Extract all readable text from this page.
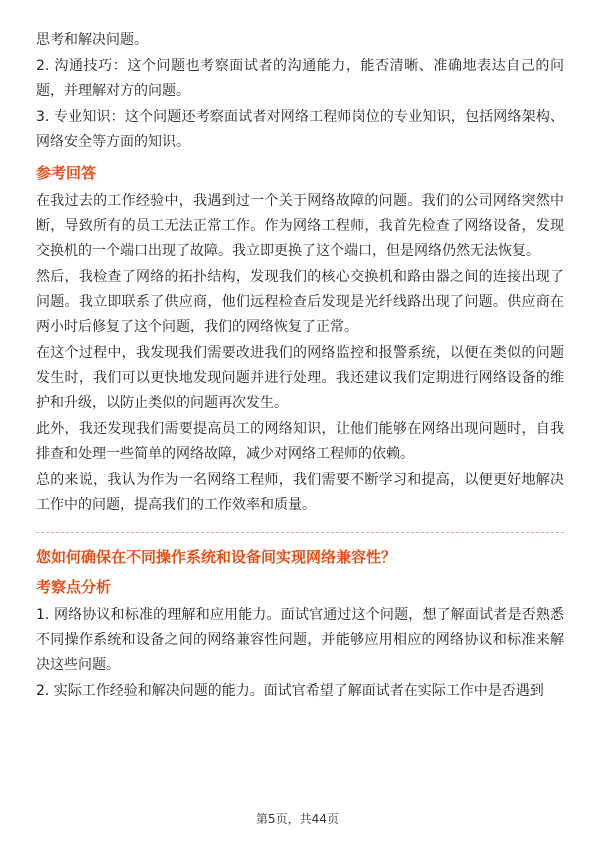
思考和解决问题。

2. 沟通技巧：这个问题也考察面试者的沟通能力，能否清晰、准确地表达自己的问题，并理解对方的问题。

3. 专业知识：这个问题还考察面试者对网络工程师岗位的专业知识，包括网络架构、网络安全等方面的知识。

参考回答

在我过去的工作经验中，我遇到过一个关于网络故障的问题。我们的公司网络突然中断，导致所有的员工无法正常工作。作为网络工程师，我首先检查了网络设备，发现交换机的一个端口出现了故障。我立即更换了这个端口，但是网络仍然无法恢复。

然后，我检查了网络的拓扑结构，发现我们的核心交换机和路由器之间的连接出现了问题。我立即联系了供应商，他们远程检查后发现是光纤线路出现了问题。供应商在两小时后修复了这个问题，我们的网络恢复了正常。

在这个过程中，我发现我们需要改进我们的网络监控和报警系统，以便在类似的问题发生时，我们可以更快地发现问题并进行处理。我还建议我们定期进行网络设备的维护和升级，以防止类似的问题再次发生。

此外，我还发现我们需要提高员工的网络知识，让他们能够在网络出现问题时，自我排查和处理一些简单的网络故障，减少对网络工程师的依赖。

总的来说，我认为作为一名网络工程师，我们需要不断学习和提高，以便更好地解决工作中的问题，提高我们的工作效率和质量。

您如何确保在不同操作系统和设备间实现网络兼容性？
考察点分析

1. 网络协议和标准的理解和应用能力。面试官通过这个问题，想了解面试者是否熟悉不同操作系统和设备之间的网络兼容性问题，并能够应用相应的网络协议和标准来解决这些问题。

2. 实际工作经验和解决问题的能力。面试官希望了解面试者在实际工作中是否遇到

第5页，共44页
